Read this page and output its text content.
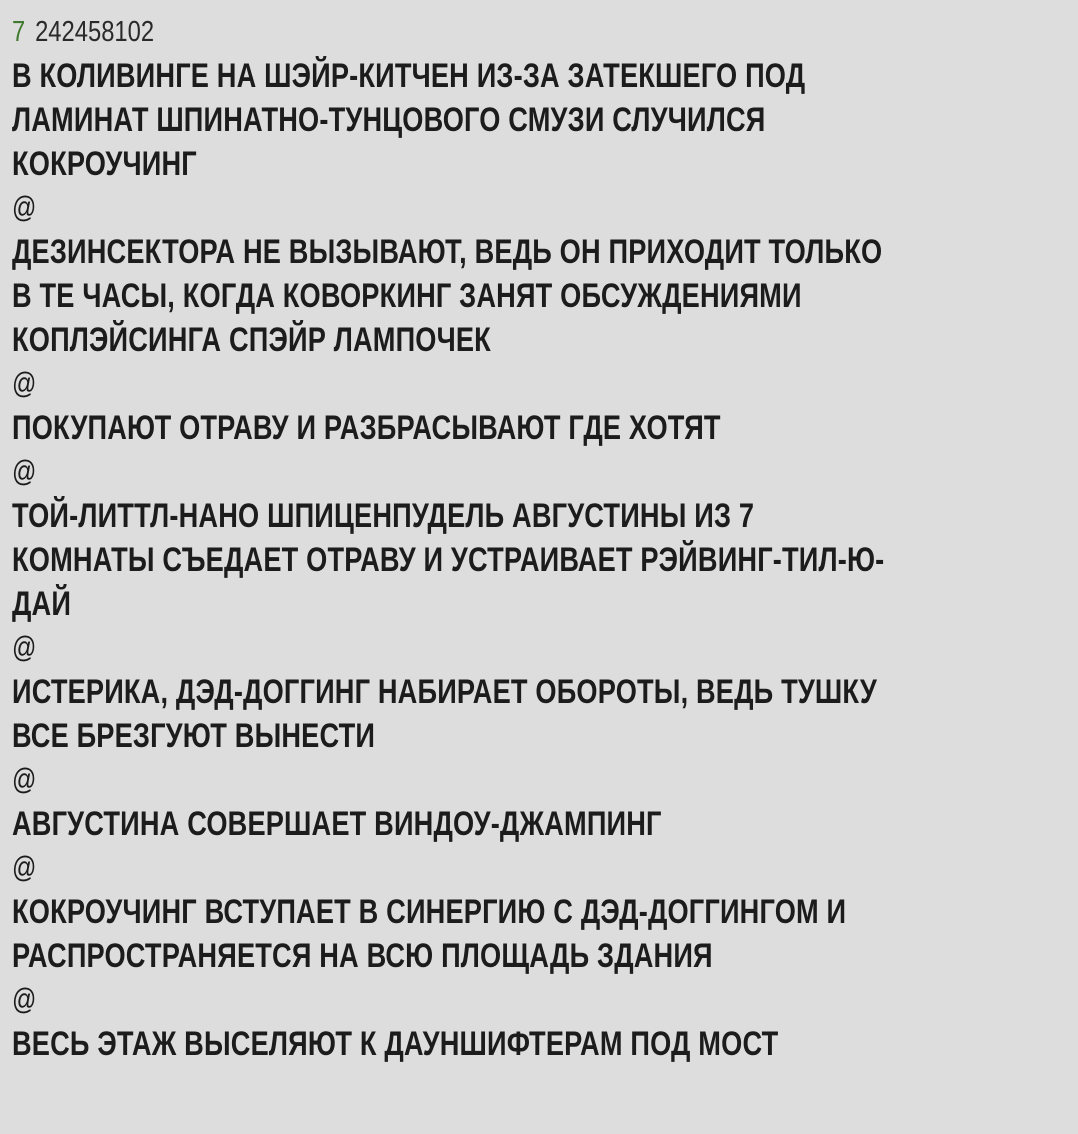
7 242458102
В КОЛИВИНГЕ НА ШЭЙР-КИТЧЕН ИЗ-ЗА ЗАТЕКШЕГО ПОД
ЛАМИНАТ ШПИНАТНО-ТУНЦОВОГО СМУЗИ СЛУЧИЛСЯ
КОКРОУЧИНГ
@
ДЕЗИНСЕКТОРА НЕ ВЫЗЫВАЮТ, ВЕДЬ ОН ПРИХОДИТ ТОЛЬКО
В ТЕ ЧАСЫ, КОГДА КОВОРКИНГ ЗАНЯТ ОБСУЖДЕНИЯМИ
КОПЛЭЙСИНГА СПЭЙР ЛАМПОЧЕК
@
ПОКУПАЮТ ОТРАВУ И РАЗБРАСЫВАЮТ ГДЕ ХОТЯТ
@
ТОЙ-ЛИТТЛ-НАНО ШПИЦЕНПУДЕЛЬ АВГУСТИНЫ ИЗ 7
КОМНАТЫ СЪЕДАЕТ ОТРАВУ И УСТРАИВАЕТ РЭЙВИНГ-ТИЛ-Ю-
ДАЙ
@
ИСТЕРИКА, ДЭД-ДОГГИНГ НАБИРАЕТ ОБОРОТЫ, ВЕДЬ ТУШКУ
ВСЕ БРЕЗГУЮТ ВЫНЕСТИ
@
АВГУСТИНА СОВЕРШАЕТ ВИНДОУ-ДЖАМПИНГ
@
КОКРОУЧИНГ ВСТУПАЕТ В СИНЕРГИЮ С ДЭД-ДОГГИНГОМ И
РАСПРОСТРАНЯЕТСЯ НА ВСЮ ПЛОЩАДЬ ЗДАНИЯ
@
ВЕСЬ ЭТАЖ ВЫСЕЛЯЮТ К ДАУНШИФТЕРАМ ПОД МОСТ
